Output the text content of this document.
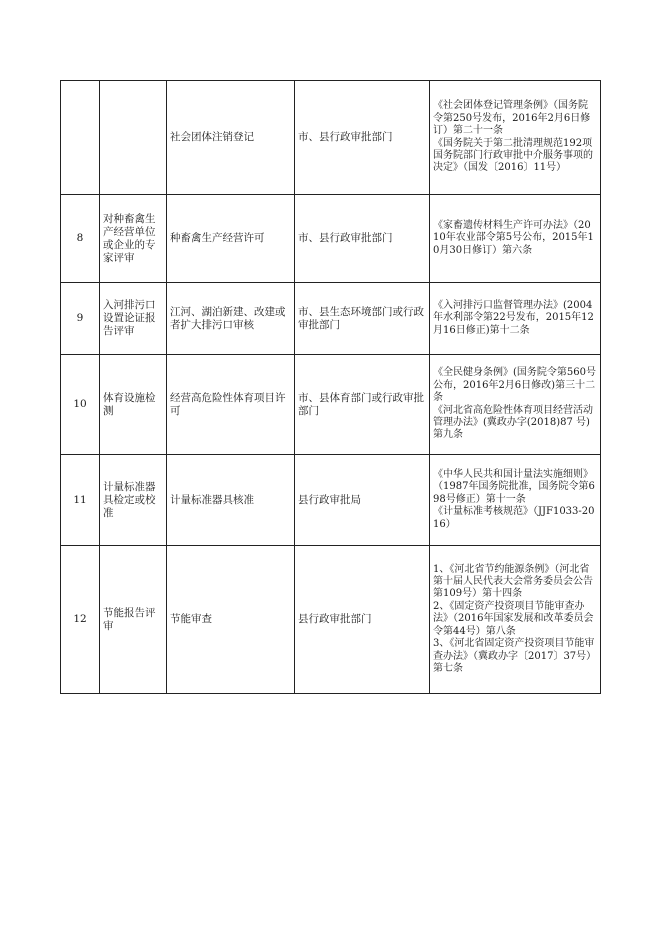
		社会团体注销登记	市、县行政审批部门	《社会团体登记管理条例》（国务院令第250号发布，2016年2月6日修订）第二十一条
《国务院关于第二批清理规范192项国务院部门行政审批中介服务事项的决定》（国发〔2016〕11号）

8	对种畜禽生产经营单位或企业的专家评审	种畜禽生产经营许可	市、县行政审批部门	《家畜遗传材料生产许可办法》（2010年农业部令第5号公布，2015年10月30日修订）第六条

9	入河排污口设置论证报告评审	江河、湖泊新建、改建或者扩大排污口审核	市、县生态环境部门或行政审批部门	《入河排污口监督管理办法》(2004年水利部令第22号发布，2015年12月16日修正)第十二条

10	体育设施检测	经营高危险性体育项目许可	市、县体育部门或行政审批部门	《全民健身条例》(国务院令第560号公布，2016年2月6日修改)第三十二条
《河北省高危险性体育项目经营活动管理办法》(冀政办字(2018)87 号)第九条

11	计量标准器具检定或校准	计量标准器具核准	县行政审批局	《中华人民共和国计量法实施细则》（1987年国务院批准，国务院令第698号修正）第十一条
《计量标准考核规范》（JJF1033-2016）

12	节能报告评审	节能审查	县行政审批部门	1、《河北省节约能源条例》（河北省第十届人民代表大会常务委员会公告第109号）第十四条
2、《固定资产投资项目节能审查办法》（2016年国家发展和改革委员会令第44号）第八条
3、《河北省固定资产投资项目节能审查办法》（冀政办字〔2017〕37号）第七条
